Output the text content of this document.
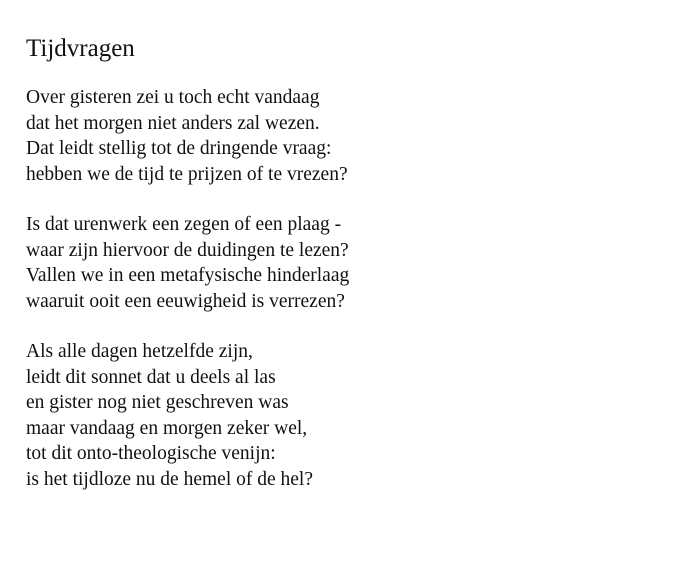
Tijdvragen
Over gisteren zei u toch echt vandaag
dat het morgen niet anders zal wezen.
Dat leidt stellig tot de dringende vraag:
hebben we de tijd te prijzen of te vrezen?
Is dat urenwerk een zegen of een plaag -
waar zijn hiervoor de duidingen te lezen?
Vallen we in een metafysische hinderlaag
waaruit ooit een eeuwigheid is verrezen?
Als alle dagen hetzelfde zijn,
leidt dit sonnet dat u deels al las
en gister nog niet geschreven was
maar vandaag en morgen zeker wel,
tot dit onto-theologische venijn:
is het tijdloze nu de hemel of de hel?
